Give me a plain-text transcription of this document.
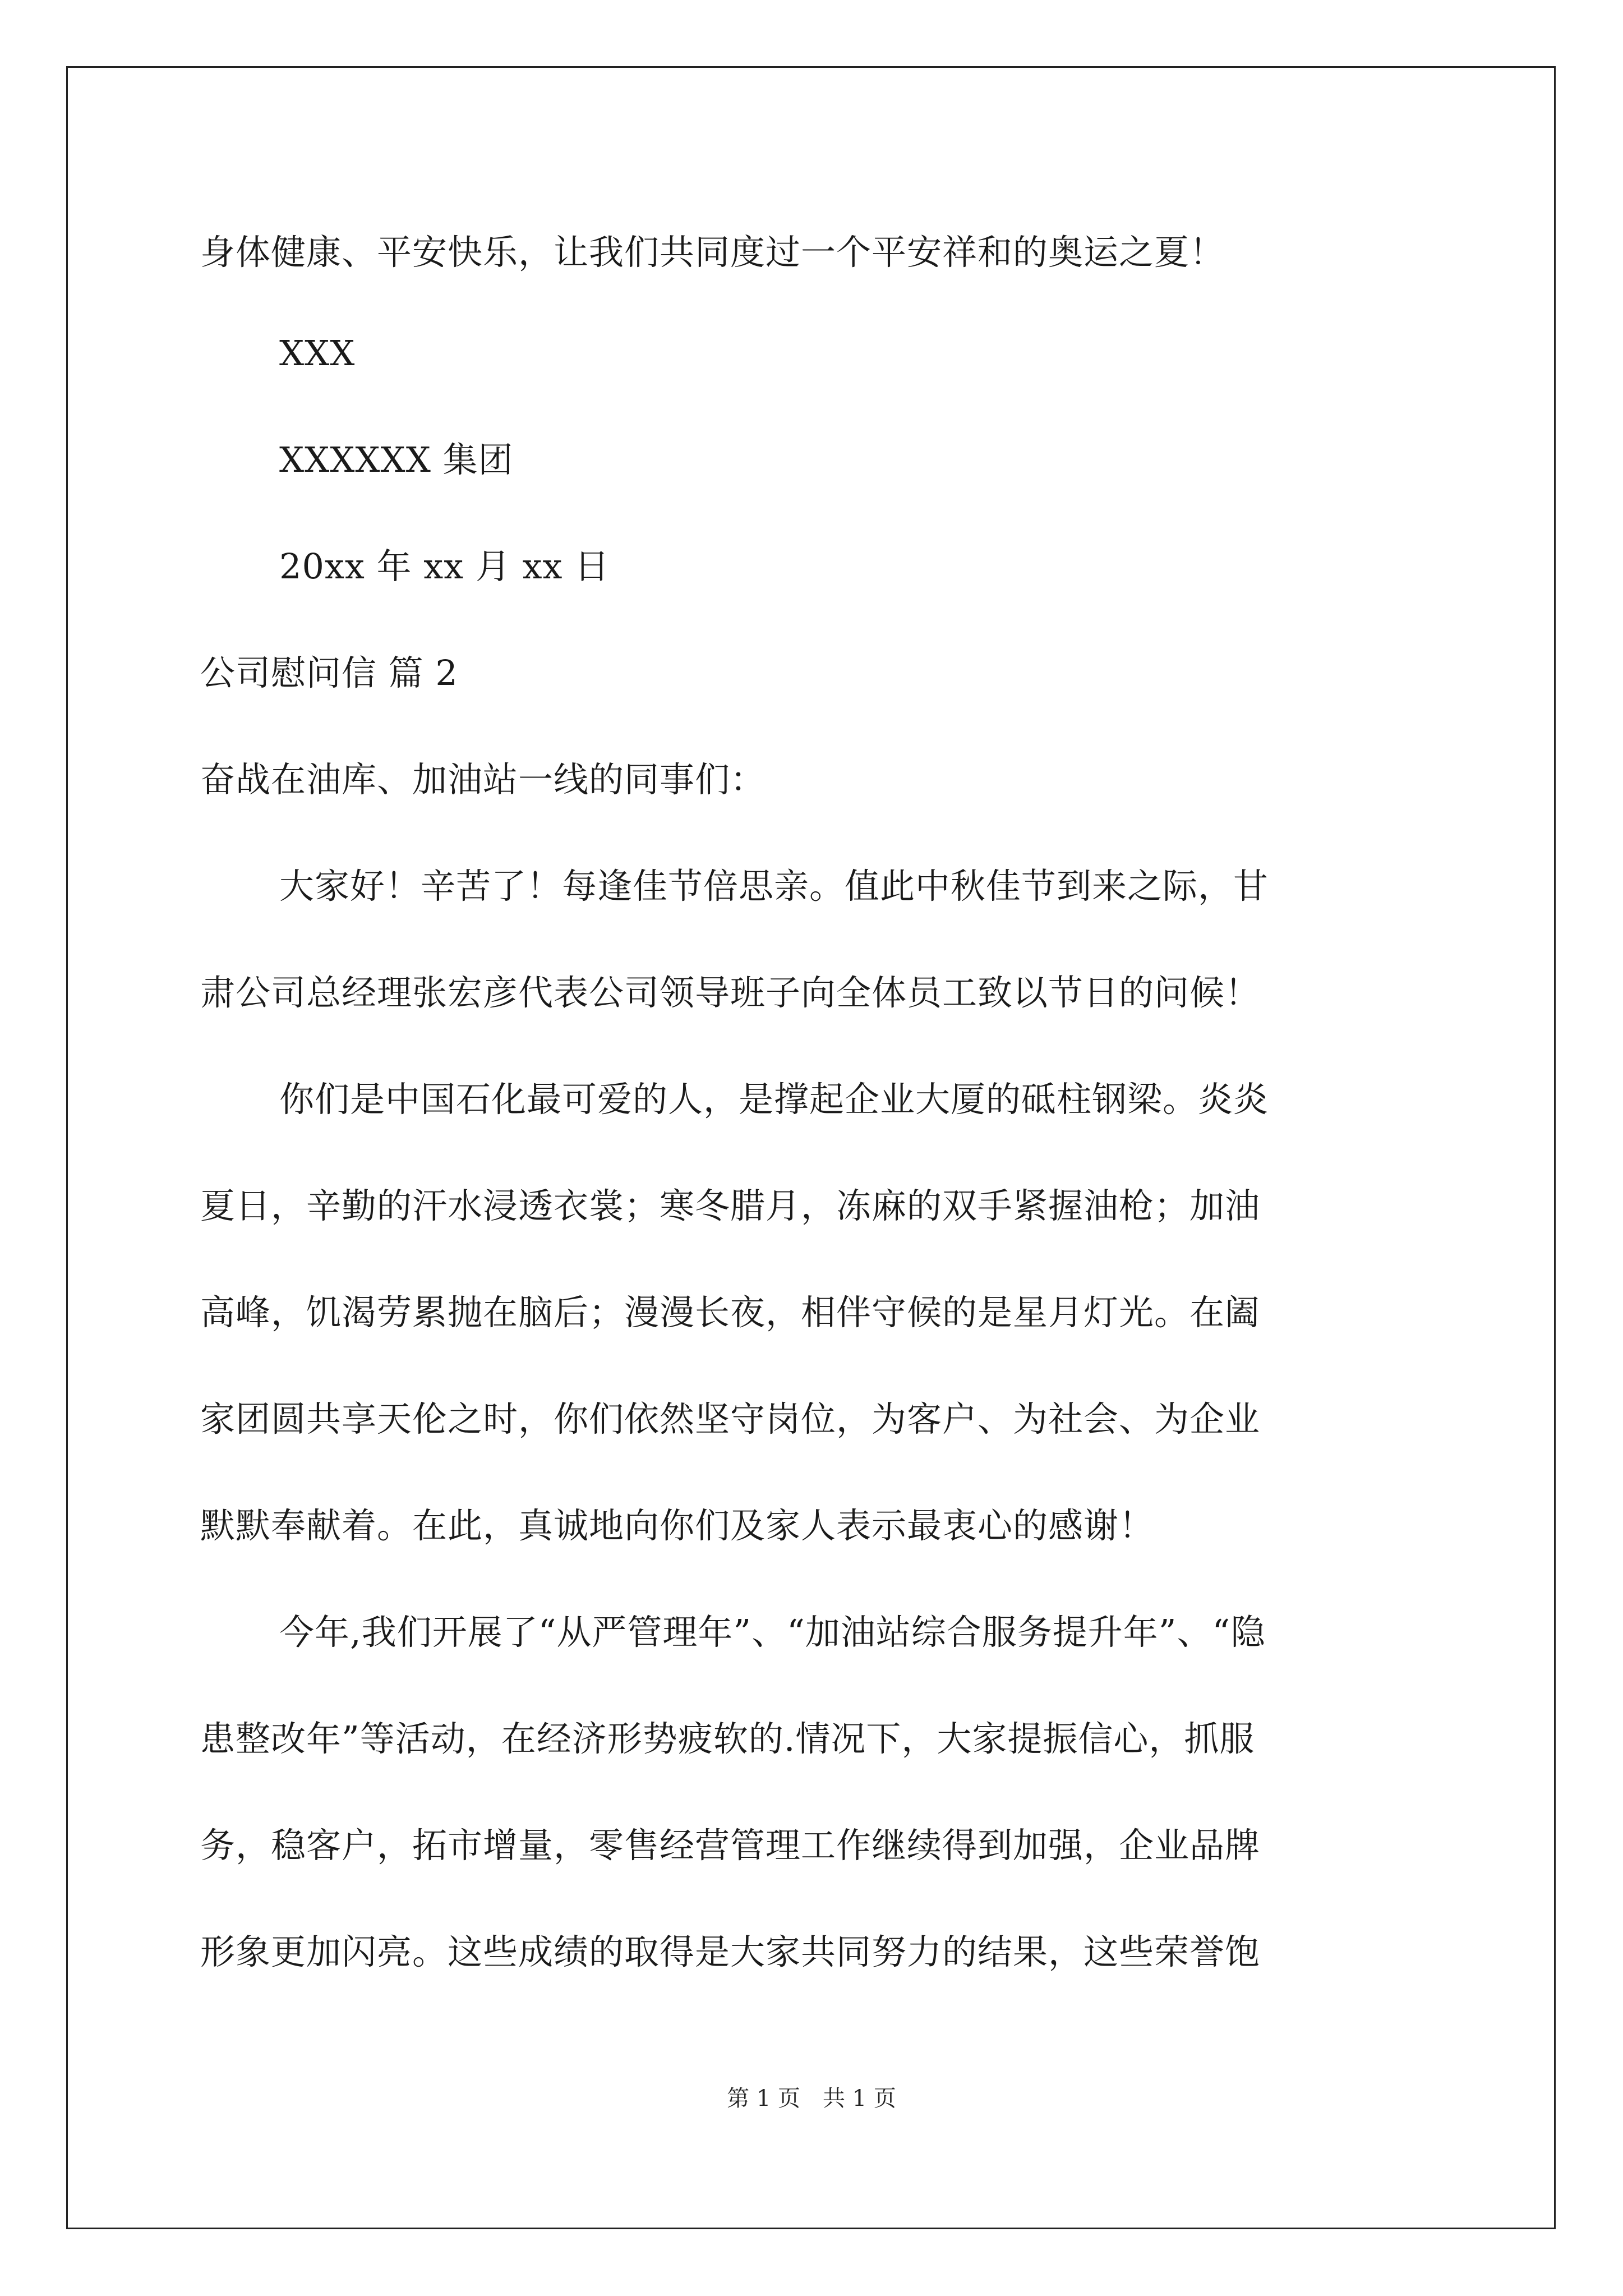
身体健康、平安快乐，让我们共同度过一个平安祥和的奥运之夏！
XXX
XXXXXX 集团
20xx 年 xx 月 xx 日
公司慰问信 篇 2
奋战在油库、加油站一线的同事们：
大家好！辛苦了！每逢佳节倍思亲。值此中秋佳节到来之际，甘
肃公司总经理张宏彦代表公司领导班子向全体员工致以节日的问候！
你们是中国石化最可爱的人，是撑起企业大厦的砥柱钢梁。炎炎
夏日，辛勤的汗水浸透衣裳；寒冬腊月，冻麻的双手紧握油枪；加油
高峰，饥渴劳累抛在脑后；漫漫长夜，相伴守候的是星月灯光。在阖
家团圆共享天伦之时，你们依然坚守岗位，为客户、为社会、为企业
默默奉献着。在此，真诚地向你们及家人表示最衷心的感谢！
今年,我们开展了“从严管理年”、“加油站综合服务提升年”、“隐
患整改年”等活动，在经济形势疲软的.情况下，大家提振信心，抓服
务，稳客户，拓市增量，零售经营管理工作继续得到加强，企业品牌
形象更加闪亮。这些成绩的取得是大家共同努力的结果，这些荣誉饱
第 1 页 共 1 页
